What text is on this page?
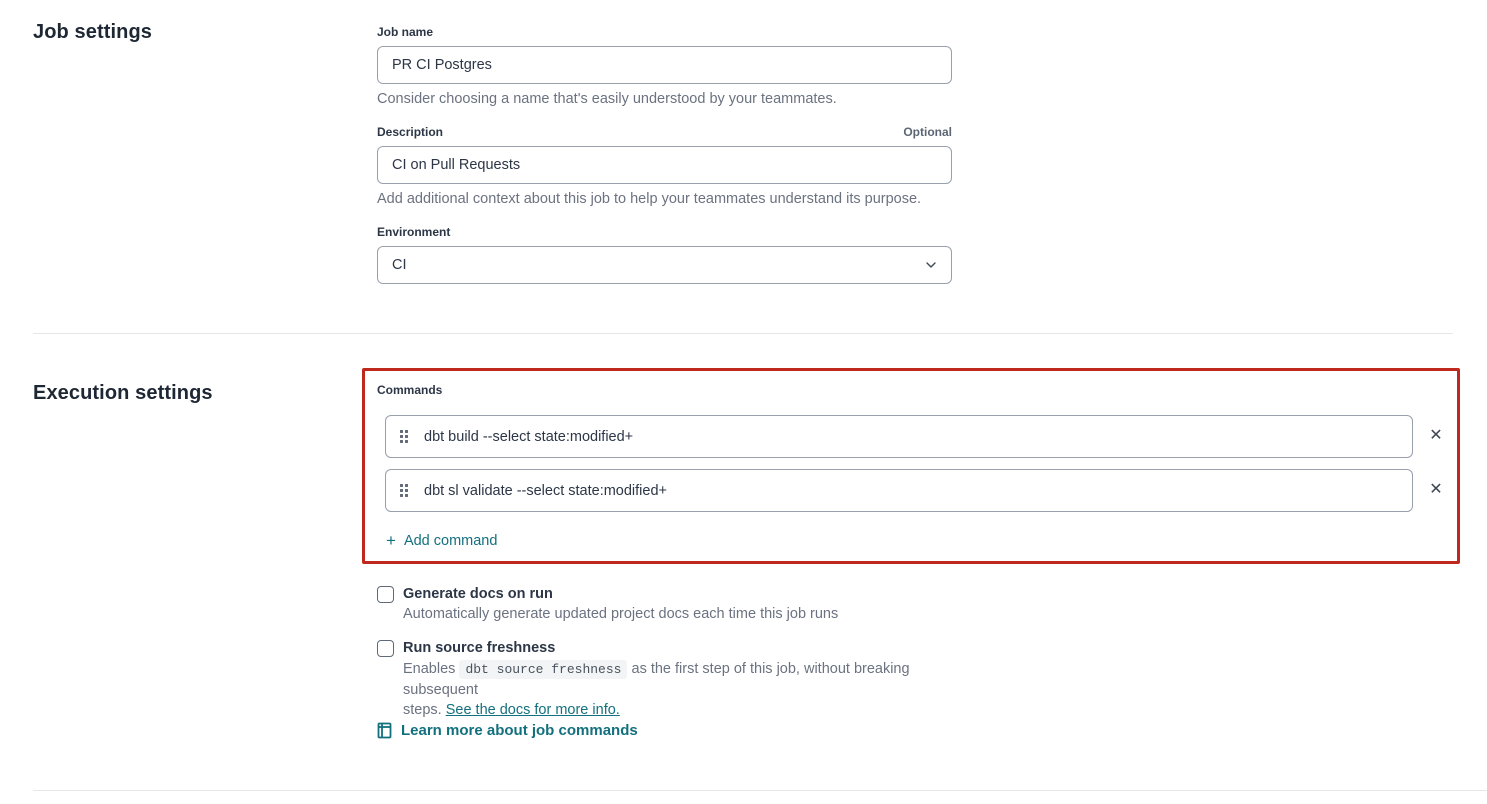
Job settings	Job name
PR CI Postgres
Consider choosing a name that's easily understood by your teammates.
Description	Optional
CI on Pull Requests
Add additional context about this job to help your teammates understand its purpose.
Environment
CI
Execution settings	Commands
dbt build --select state:modified+	✕
dbt sl validate --select state:modified+	✕
+ Add command
Generate docs on run
Automatically generate updated project docs each time this job runs
Run source freshness
Enables dbt source freshness as the first step of this job, without breaking subsequent
steps. See the docs for more info.
Learn more about job commands
